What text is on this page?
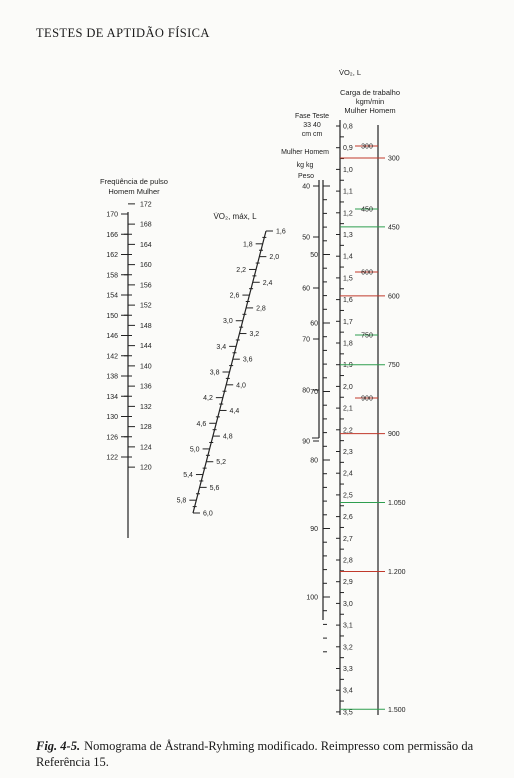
TESTES DE APTIDÃO FÍSICA
Freqüência de pulso
Homem Mulher
170
166
162
158
154
150
146
142
138
134
130
126
122
172
168
164
160
156
152
148
144
140
136
132
128
124
120
V̇O₂, máx, L
1,6
2,0
2,4
2,8
3,2
3,6
4,0
4,4
4,8
5,2
5,6
6,0
1,8
2,2
2,6
3,0
3,4
3,8
4,2
4,6
5,0
5,4
5,8
Fase Teste
33 40
cm cm
Mulher Homem
kg kg
Peso
40
50
60
70
80
90
50
60
70
80
90
100
V̇O₂, L
Carga de trabalho
kgm/min
Mulher Homem
0,8
0,9
1,0
1,1
1,2
1,3
1,4
1,5
1,6
1,7
1,8
1,9
2,0
2,1
2,2
2,3
2,4
2,5
2,6
2,7
2,8
2,9
3,0
3,1
3,2
3,3
3,4
3,5
300
450
600
750
900
300
450
600
750
900
1.050
1.200
1.500
Fig. 4-5. Nomograma de Åstrand-Ryhming modificado. Reimpresso com permissão da Referência 15.
